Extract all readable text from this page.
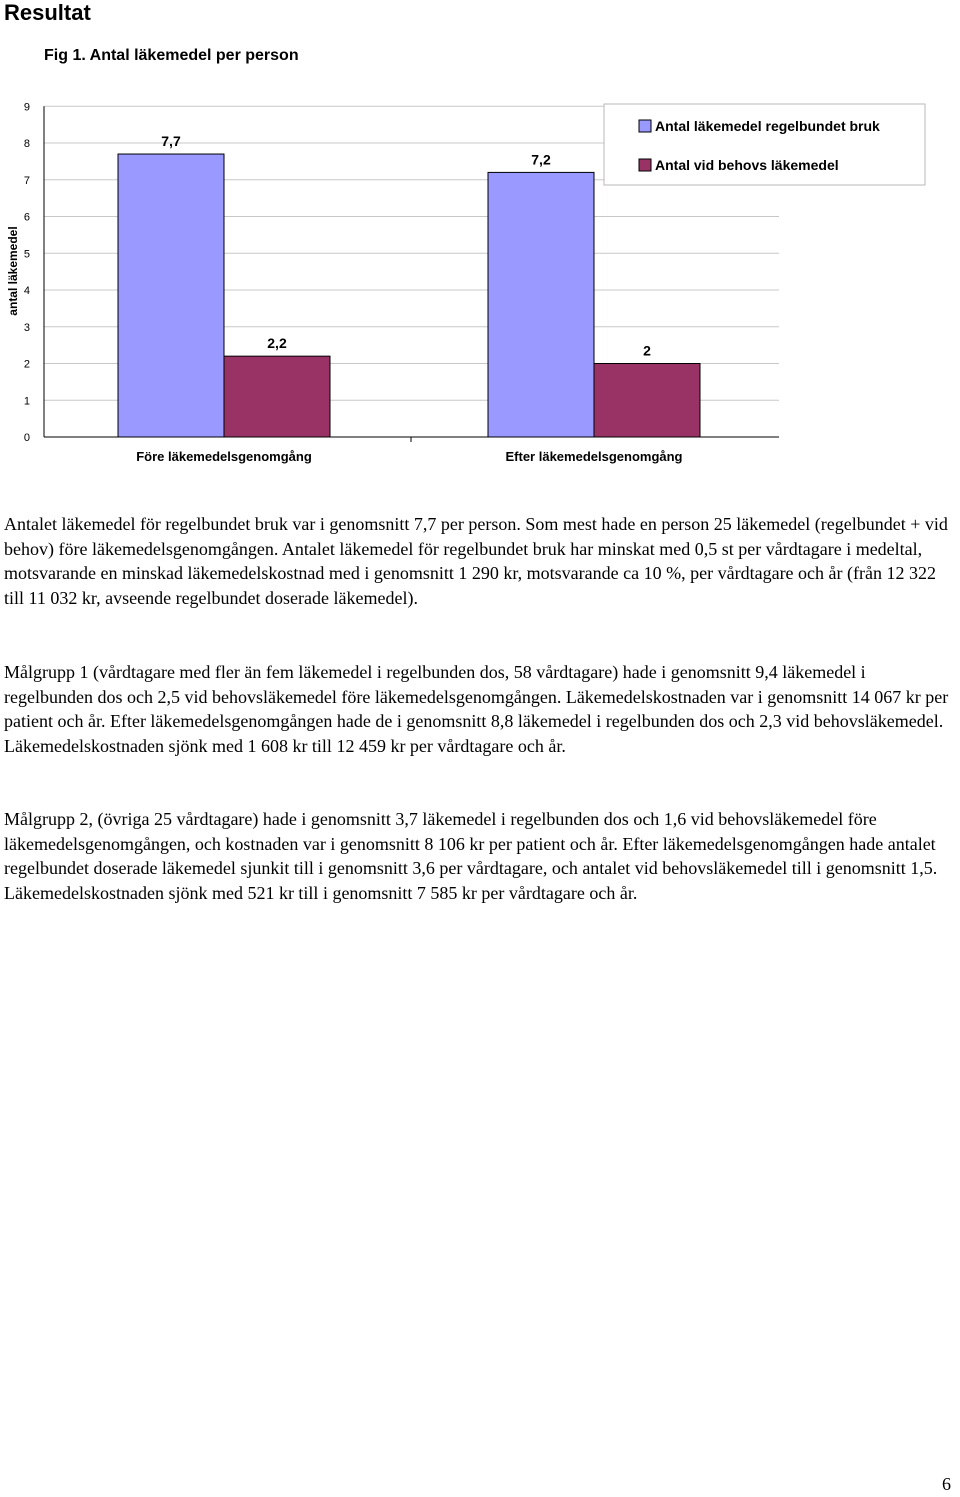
Resultat
Fig 1. Antal läkemedel per person
0
1
2
3
4
5
6
7
8
9
antal läkemedel
7,7
2,2
7,2
2
Före läkemedelsgenomgång	Efter läkemedelsgenomgång
Antal läkemedel regelbundet bruk
Antal vid behovs läkemedel

Antalet läkemedel för regelbundet bruk var i genomsnitt 7,7 per person. Som mest hade en person 25 läkemedel (regelbundet + vid behov) före läkemedelsgenomgången. Antalet läkemedel för regelbundet bruk har minskat med 0,5 st per vårdtagare i medeltal, motsvarande en minskad läkemedelskostnad med i genomsnitt 1 290 kr, motsvarande ca 10 %, per vårdtagare och år (från 12 322 till 11 032 kr, avseende regelbundet doserade läkemedel).

Målgrupp 1 (vårdtagare med fler än fem läkemedel i regelbunden dos, 58 vårdtagare) hade i genomsnitt 9,4 läkemedel i regelbunden dos och 2,5 vid behovsläkemedel före läkemedelsgenomgången. Läkemedelskostnaden var i genomsnitt 14 067 kr per patient och år. Efter läkemedelsgenomgången hade de i genomsnitt 8,8 läkemedel i regelbunden dos och 2,3 vid behovsläkemedel. Läkemedelskostnaden sjönk med 1 608 kr till 12 459 kr per vårdtagare och år.

Målgrupp 2, (övriga 25 vårdtagare) hade i genomsnitt 3,7 läkemedel i regelbunden dos och 1,6 vid behovsläkemedel före läkemedelsgenomgången, och kostnaden var i genomsnitt 8 106 kr per patient och år. Efter läkemedelsgenomgången hade antalet regelbundet doserade läkemedel sjunkit till i genomsnitt 3,6 per vårdtagare, och antalet vid behovsläkemedel till i genomsnitt 1,5. Läkemedelskostnaden sjönk med 521 kr till i genomsnitt 7 585 kr per vårdtagare och år.

6
